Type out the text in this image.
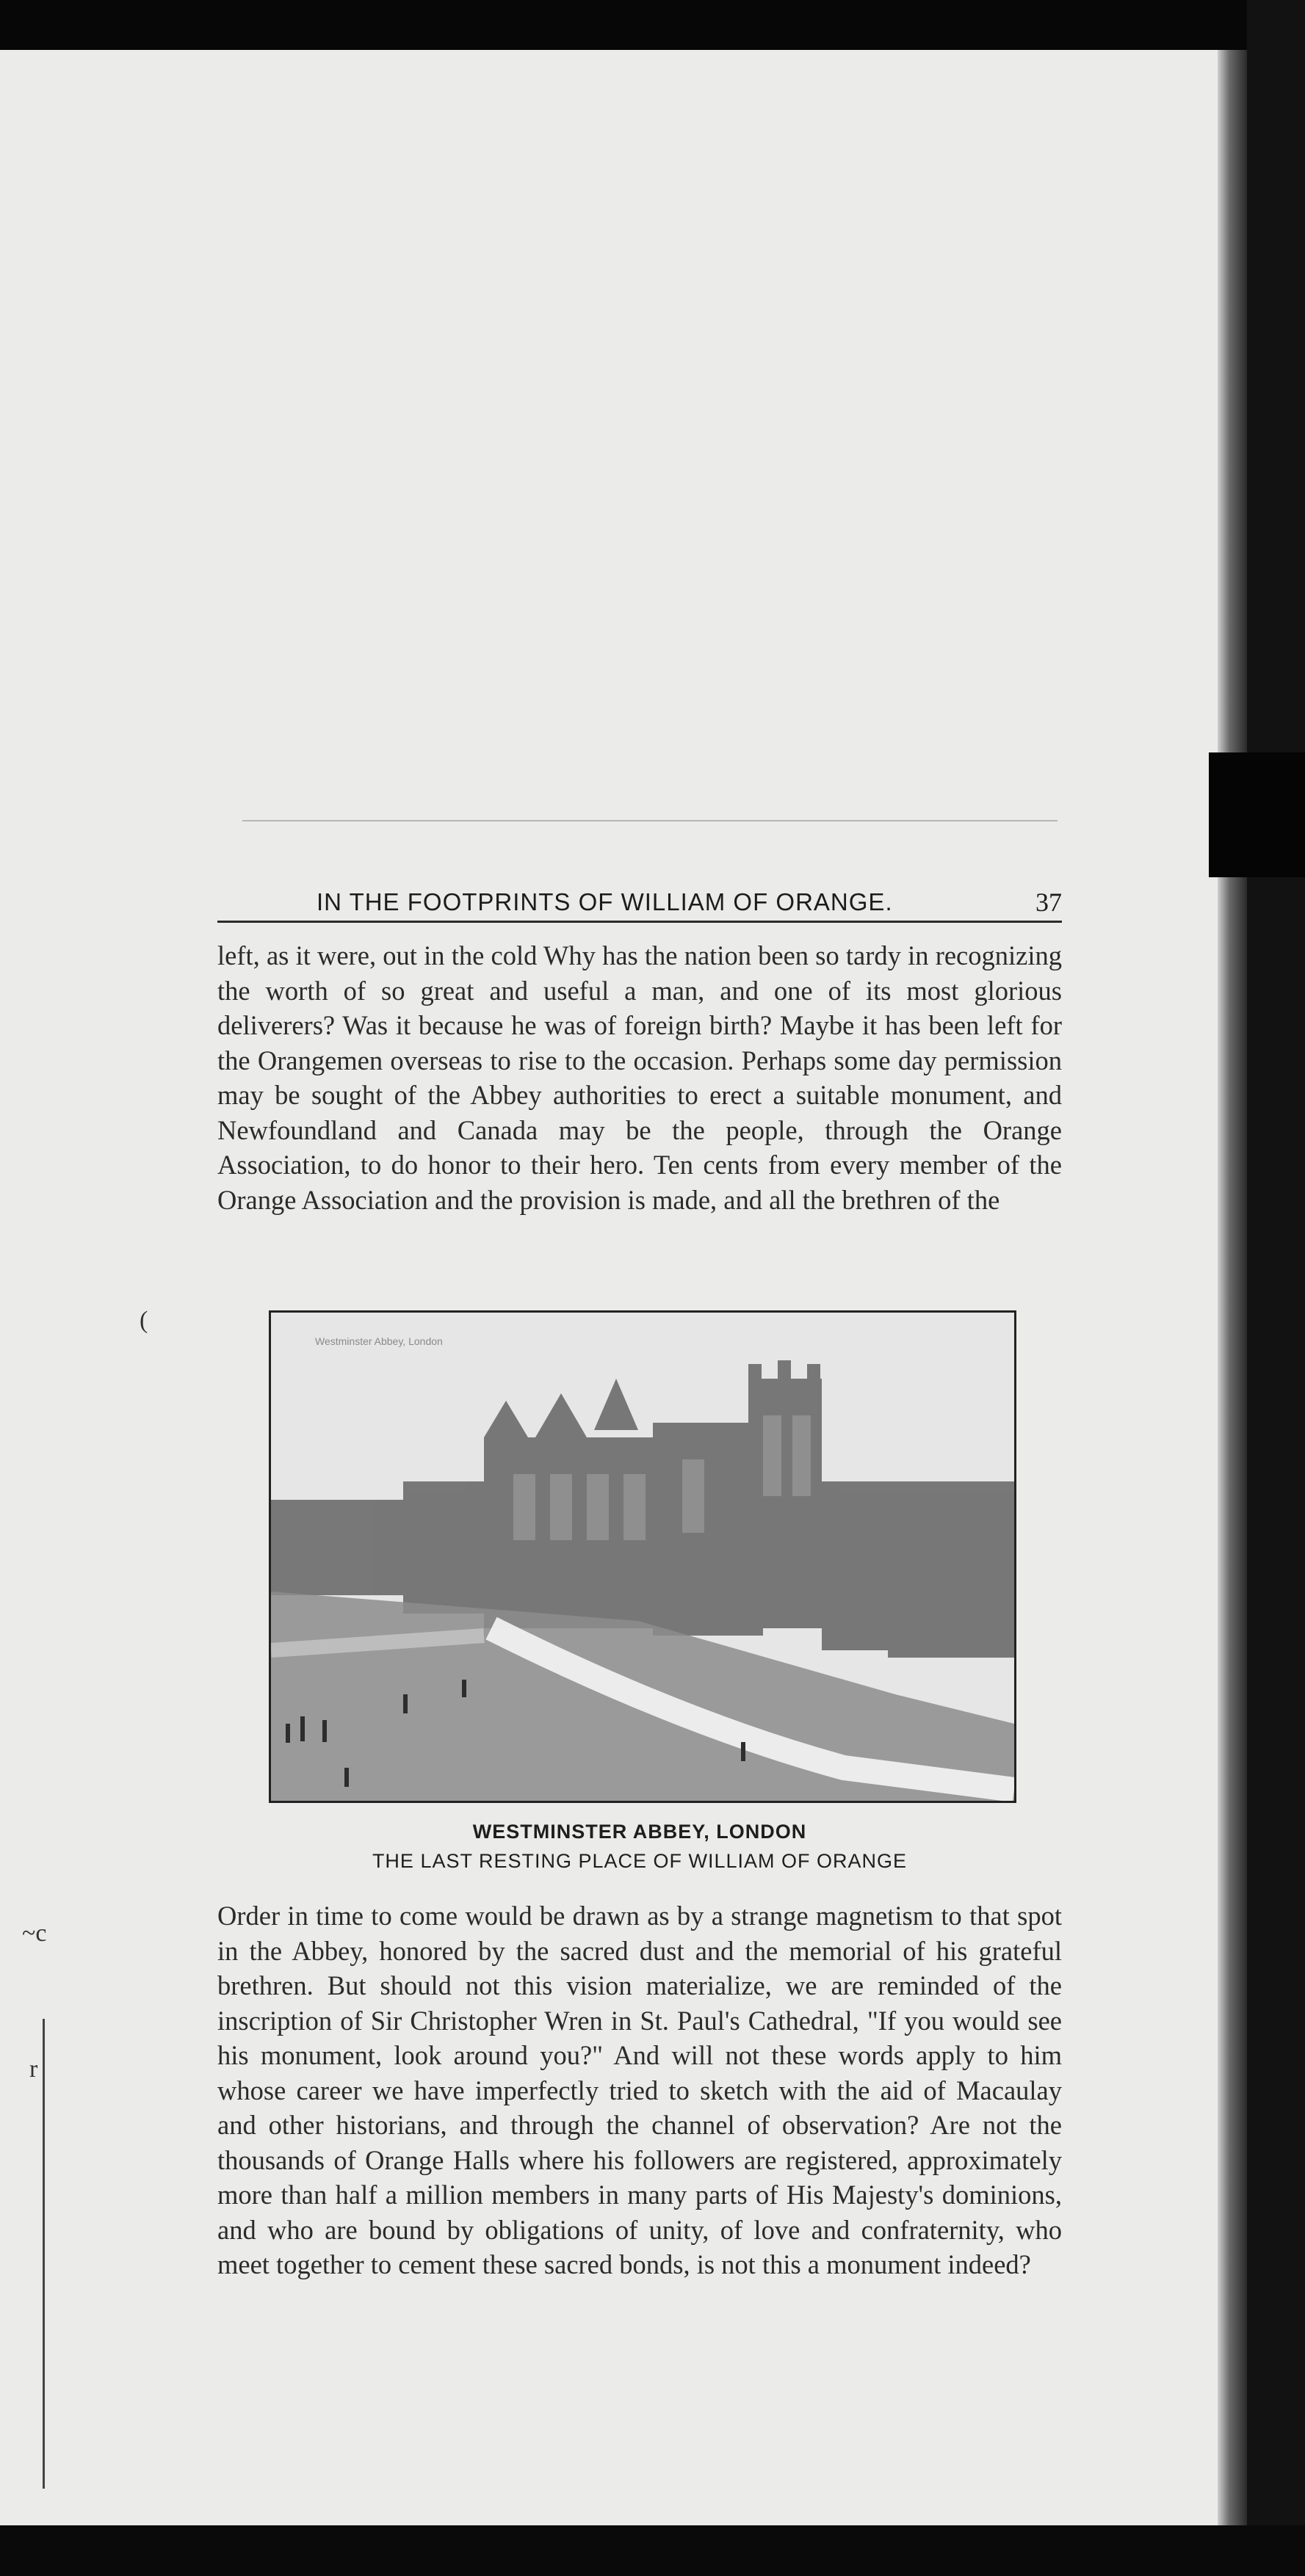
IN THE FOOTPRINTS OF WILLIAM OF ORANGE.	37
left, as it were, out in the cold Why has the nation been so tardy in recognizing the worth of so great and useful a man, and one of its most glorious deliverers? Was it because he was of foreign birth? Maybe it has been left for the Orangemen overseas to rise to the occasion. Perhaps some day permission may be sought of the Abbey authorities to erect a suitable monument, and Newfoundland and Canada may be the people, through the Orange Association, to do honor to their hero. Ten cents from every member of the Orange Association and the provision is made, and all the brethren of the
Westminster Abbey, London
WESTMINSTER ABBEY, LONDON
THE LAST RESTING PLACE OF WILLIAM OF ORANGE
Order in time to come would be drawn as by a strange magnetism to that spot in the Abbey, honored by the sacred dust and the memorial of his grateful brethren. But should not this vision materialize, we are reminded of the inscription of Sir Christopher Wren in St. Paul's Cathedral, "If you would see his monument, look around you?" And will not these words apply to him whose career we have imperfectly tried to sketch with the aid of Macaulay and other historians, and through the channel of observation? Are not the thousands of Orange Halls where his followers are registered, approximately more than half a million members in many parts of His Majesty's dominions, and who are bound by obligations of unity, of love and confraternity, who meet together to cement these sacred bonds, is not this a monument indeed?
(
~c
r
